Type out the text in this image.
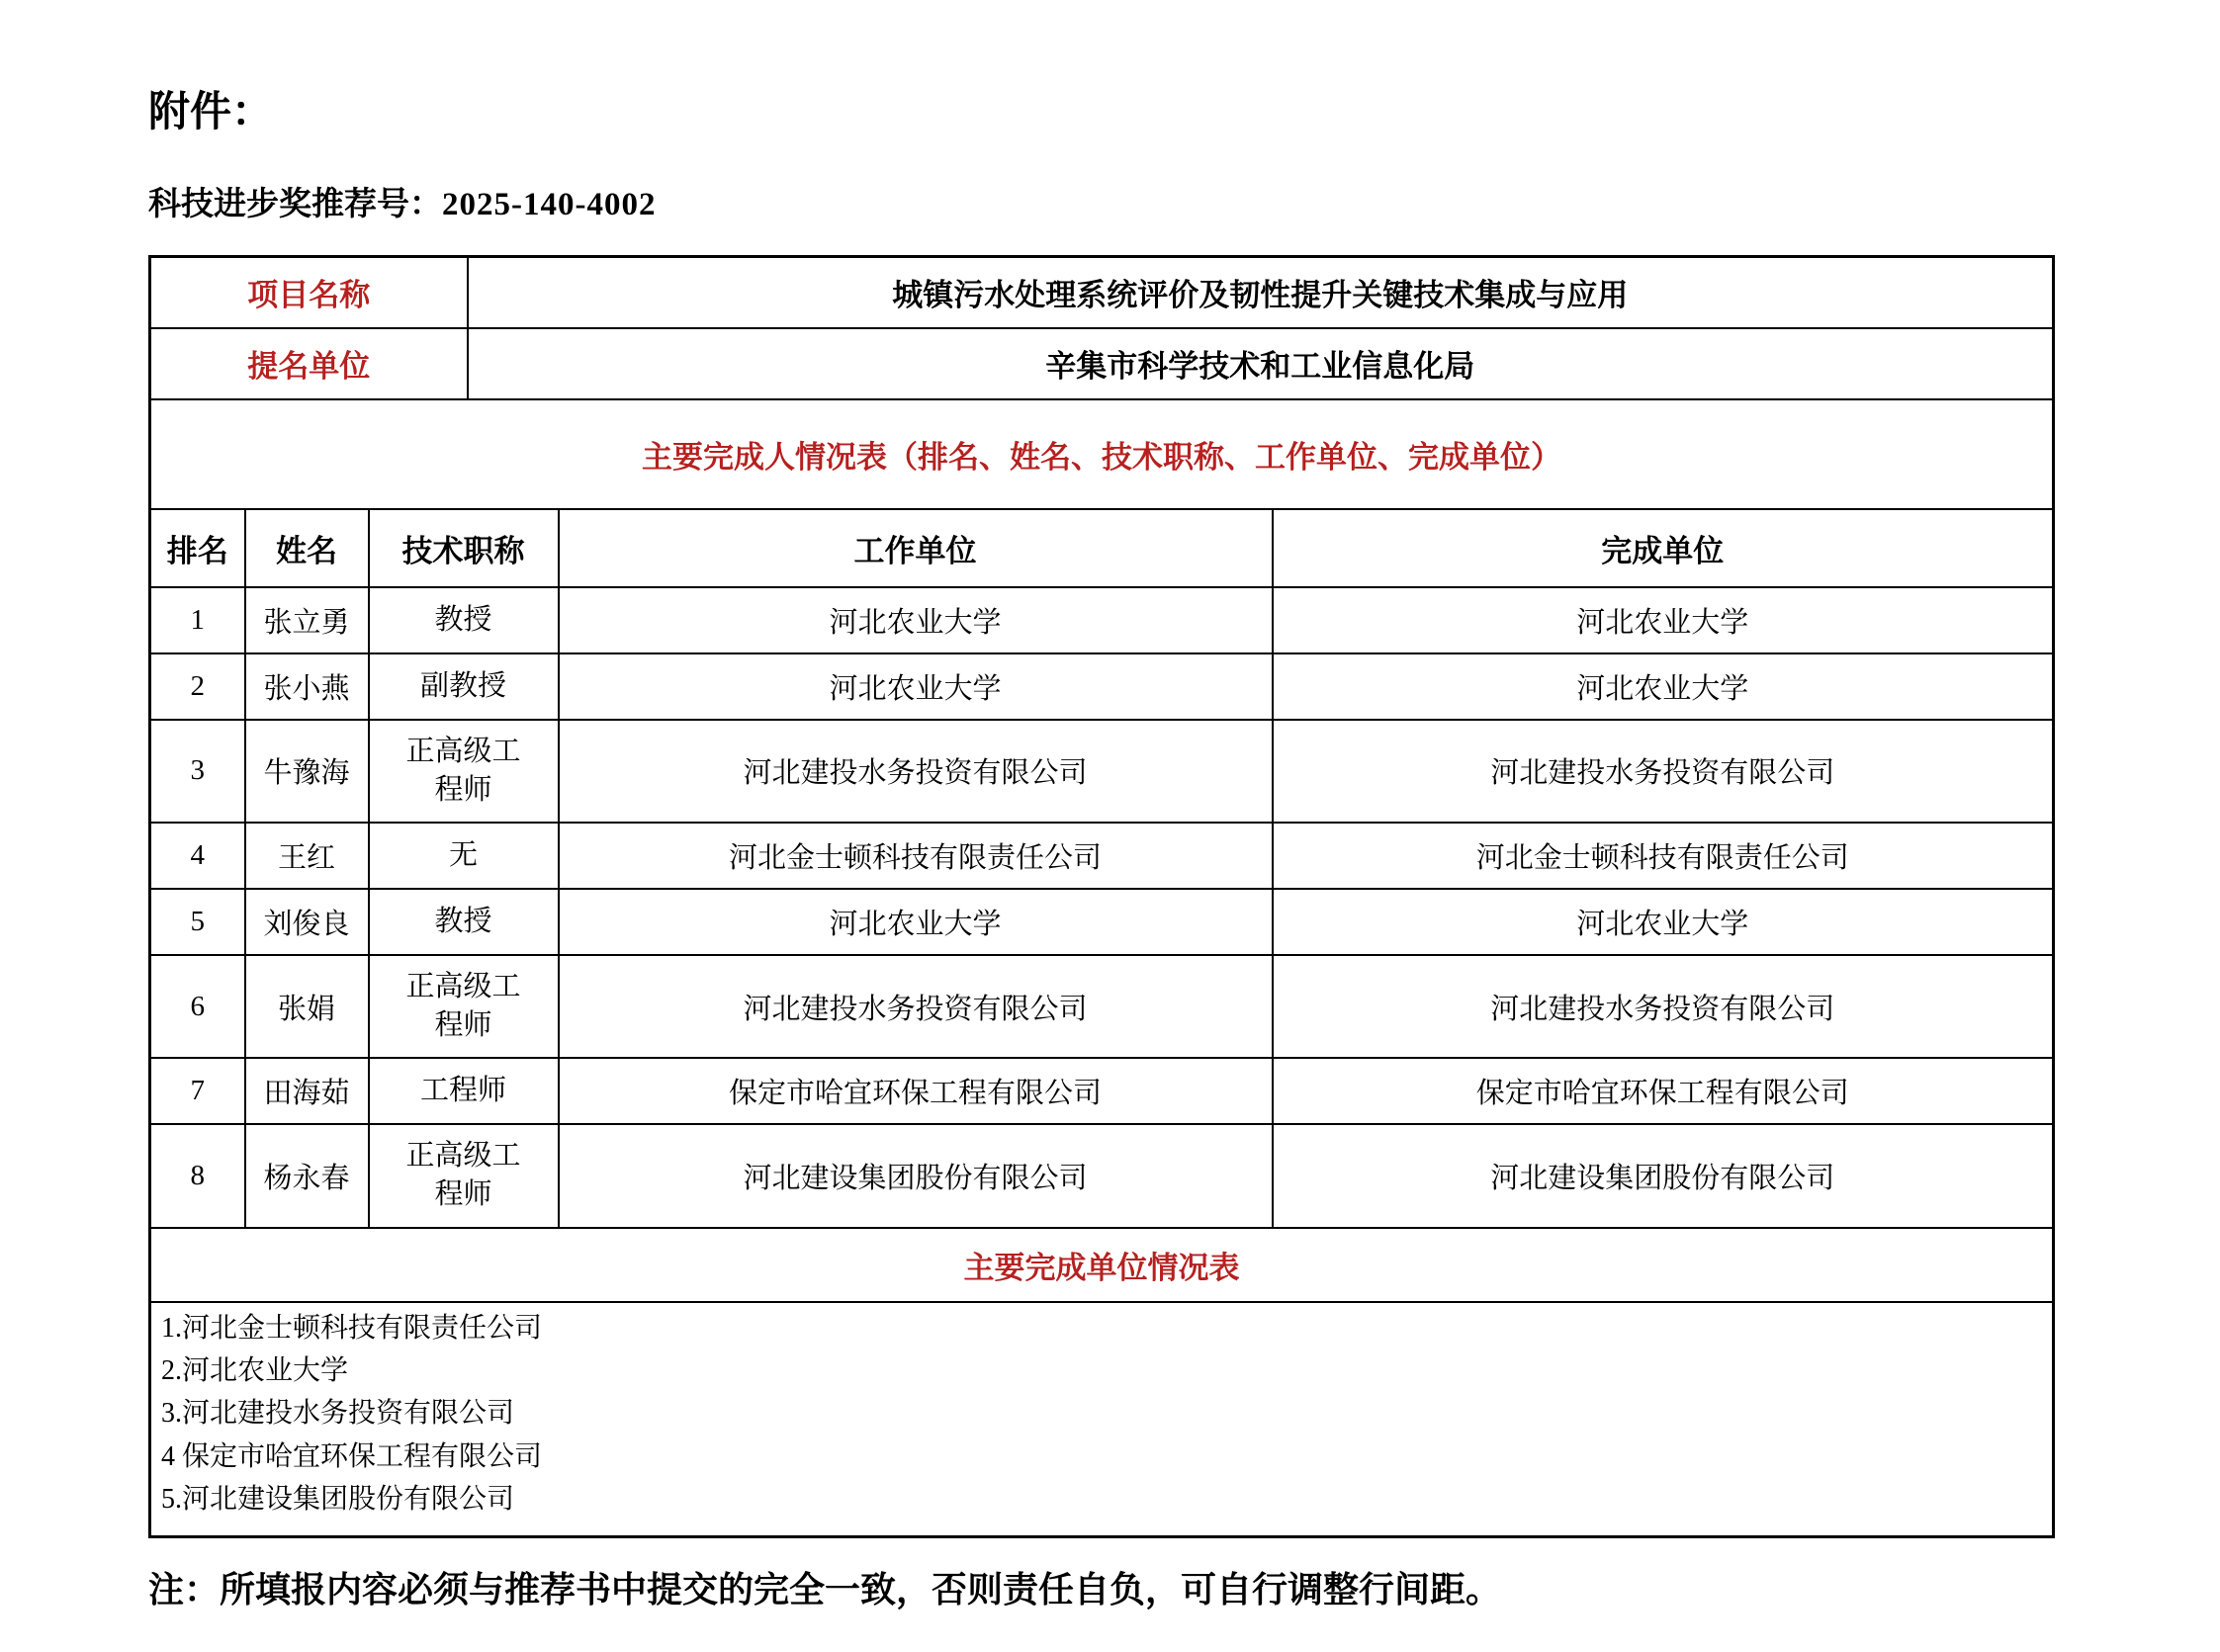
附件：
科技进步奖推荐号：2025-140-4002
项目名称			城镇污水处理系统评价及韧性提升关键技术集成与应用		
提名单位			辛集市科学技术和工业信息化局		
主要完成人情况表（排名、姓名、技术职称、工作单位、完成单位）					
排名	姓名	技术职称		工作单位	完成单位
1	张立勇	教授		河北农业大学	河北农业大学
2	张小燕	副教授		河北农业大学	河北农业大学
3	牛豫海	正高级工程师		河北建投水务投资有限公司	河北建投水务投资有限公司
4	王红	无		河北金士顿科技有限责任公司	河北金士顿科技有限责任公司
5	刘俊良	教授		河北农业大学	河北农业大学
6	张娟	正高级工程师		河北建投水务投资有限公司	河北建投水务投资有限公司
7	田海茹	工程师		保定市哈宜环保工程有限公司	保定市哈宜环保工程有限公司
8	杨永春	正高级工程师		河北建设集团股份有限公司	河北建设集团股份有限公司
主要完成单位情况表					

1.河北金士顿科技有限责任公司
2.河北农业大学
3.河北建投水务投资有限公司
4 保定市哈宜环保工程有限公司
5.河北建设集团股份有限公司					
注：所填报内容必须与推荐书中提交的完全一致，否则责任自负，可自行调整行间距。
